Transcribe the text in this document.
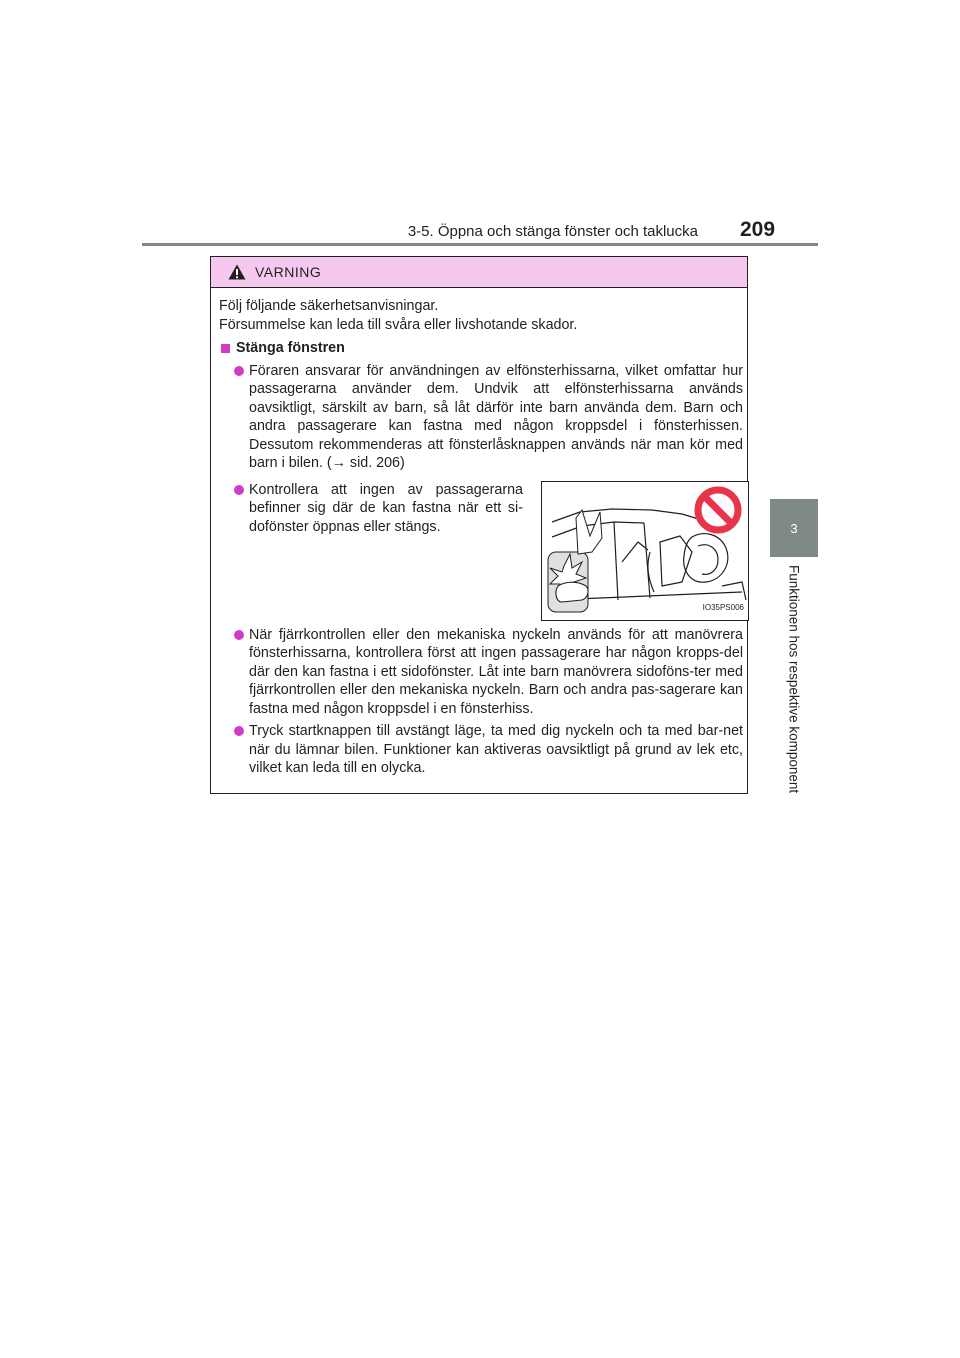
3-5. Öppna och stänga fönster och taklucka 209
3
Funktionen hos respektive komponent
VARNING

Följ följande säkerhetsanvisningar.

Försummelse kan leda till svåra eller livshotande skador.

Stänga fönstren
Föraren ansvarar för användningen av elfönsterhissarna, vilket omfattar hur passagerarna använder dem. Undvik att elfönsterhissarna används oavsiktligt, särskilt av barn, så låt därför inte barn använda dem. Barn och andra passagerare kan fastna med någon kroppsdel i fönsterhissen. Dessutom rekommenderas att fönsterlåsknappen används när man kör med barn i bilen. (→ sid. 206)
Kontrollera att ingen av passagerarna befinner sig där de kan fastna när ett si-dofönster öppnas eller stängs.
IO35PS006
När fjärrkontrollen eller den mekaniska nyckeln används för att manövrera fönsterhissarna, kontrollera först att ingen passagerare har någon kropps-del där den kan fastna i ett sidofönster. Låt inte barn manövrera sidoföns-ter med fjärrkontrollen eller den mekaniska nyckeln. Barn och andra pas-sagerare kan fastna med någon kroppsdel i en fönsterhiss.
Tryck startknappen till avstängt läge, ta med dig nyckeln och ta med bar-net när du lämnar bilen. Funktioner kan aktiveras oavsiktligt på grund av lek etc, vilket kan leda till en olycka.
